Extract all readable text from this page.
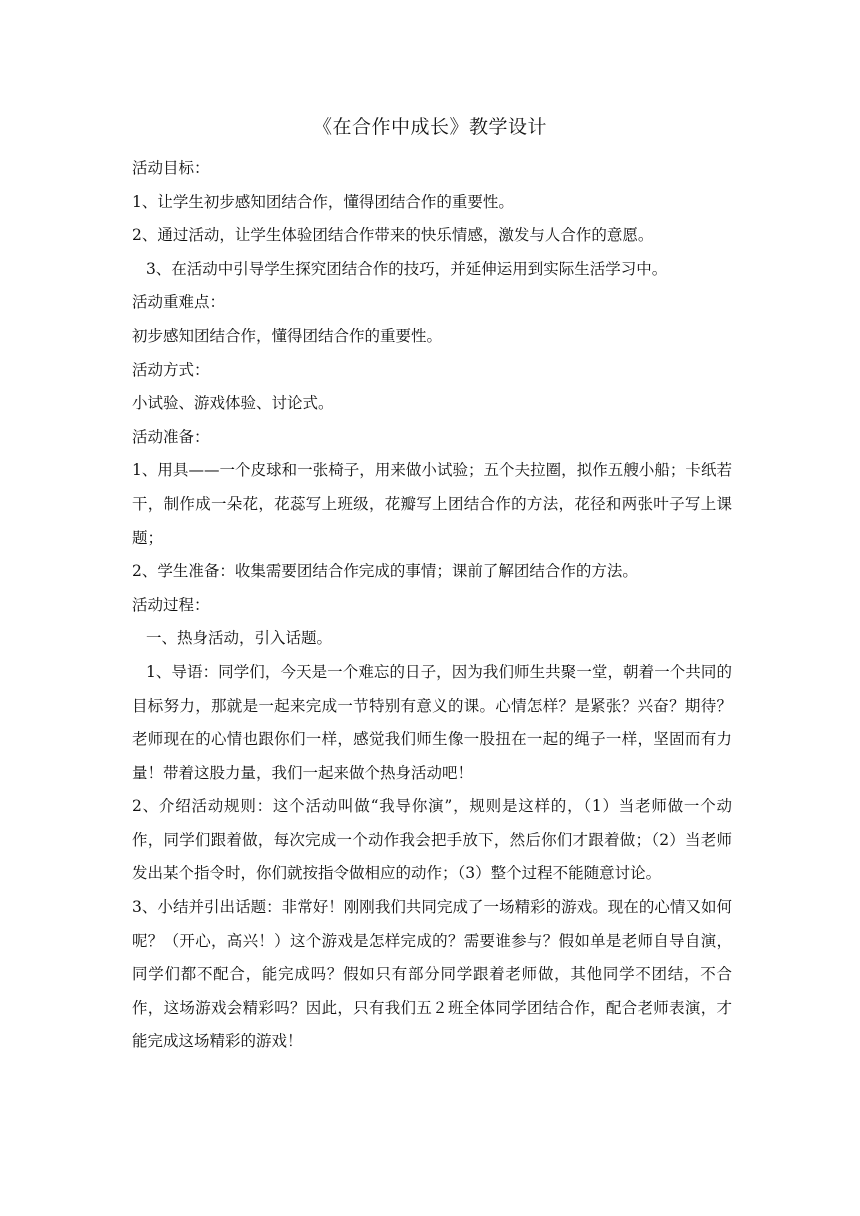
《在合作中成长》教学设计

活动目标：

1、让学生初步感知团结合作，懂得团结合作的重要性。

2、通过活动，让学生体验团结合作带来的快乐情感，激发与人合作的意愿。

3、在活动中引导学生探究团结合作的技巧，并延伸运用到实际生活学习中。

活动重难点：

初步感知团结合作，懂得团结合作的重要性。

活动方式：

小试验、游戏体验、讨论式。

活动准备：

1、用具——一个皮球和一张椅子，用来做小试验；五个夫拉圈，拟作五艘小船；卡纸若干，制作成一朵花，花蕊写上班级，花瓣写上团结合作的方法，花径和两张叶子写上课题；

2、学生准备：收集需要团结合作完成的事情；课前了解团结合作的方法。

活动过程：

一、热身活动，引入话题。

1、导语：同学们，今天是一个难忘的日子，因为我们师生共聚一堂，朝着一个共同的目标努力，那就是一起来完成一节特别有意义的课。心情怎样？是紧张？兴奋？期待？老师现在的心情也跟你们一样，感觉我们师生像一股扭在一起的绳子一样，坚固而有力量！带着这股力量，我们一起来做个热身活动吧！

2、介绍活动规则：这个活动叫做“我导你演”，规则是这样的，（1）当老师做一个动作，同学们跟着做，每次完成一个动作我会把手放下，然后你们才跟着做；（2）当老师发出某个指令时，你们就按指令做相应的动作；（3）整个过程不能随意讨论。

3、小结并引出话题：非常好！刚刚我们共同完成了一场精彩的游戏。现在的心情又如何呢？（开心，高兴！）这个游戏是怎样完成的？需要谁参与？假如单是老师自导自演，同学们都不配合，能完成吗？假如只有部分同学跟着老师做，其他同学不团结，不合作，这场游戏会精彩吗？因此，只有我们五２班全体同学团结合作，配合老师表演，才能完成这场精彩的游戏！
